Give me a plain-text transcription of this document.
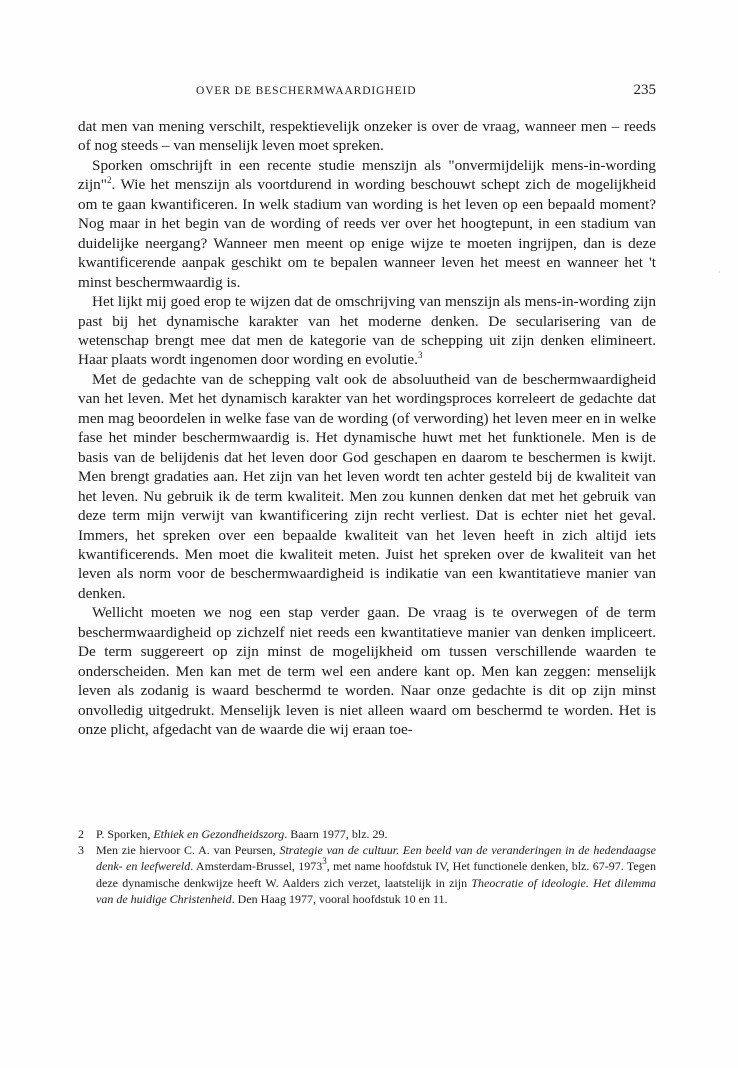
OVER DE BESCHERMWAARDIGHEID	235

dat men van mening verschilt, respektievelijk onzeker is over de vraag, wanneer men – reeds of nog steeds – van menselijk leven moet spreken.

Sporken omschrijft in een recente studie menszijn als "onvermijdelijk mens-in-wording zijn"$^2$. Wie het menszijn als voortdurend in wording beschouwt schept zich de mogelijkheid om te gaan kwantificeren. In welk stadium van wording is het leven op een bepaald moment? Nog maar in het begin van de wording of reeds ver over het hoogtepunt, in een stadium van duidelijke neergang? Wanneer men meent op enige wijze te moeten ingrijpen, dan is deze kwantificerende aanpak geschikt om te bepalen wanneer leven het meest en wanneer het 't minst beschermwaardig is.

Het lijkt mij goed erop te wijzen dat de omschrijving van menszijn als mens-in-wording zijn past bij het dynamische karakter van het moderne denken. De secularisering van de wetenschap brengt mee dat men de kategorie van de schepping uit zijn denken elimineert. Haar plaats wordt ingenomen door wording en evolutie.$^3$

Met de gedachte van de schepping valt ook de absoluutheid van de beschermwaardigheid van het leven. Met het dynamisch karakter van het wordingsproces korreleert de gedachte dat men mag beoordelen in welke fase van de wording (of verwording) het leven meer en in welke fase het minder beschermwaardig is. Het dynamische huwt met het funktionele. Men is de basis van de belijdenis dat het leven door God geschapen en daarom te beschermen is kwijt. Men brengt gradaties aan. Het zijn van het leven wordt ten achter gesteld bij de kwaliteit van het leven. Nu gebruik ik de term kwaliteit. Men zou kunnen denken dat met het gebruik van deze term mijn verwijt van kwantificering zijn recht verliest. Dat is echter niet het geval. Immers, het spreken over een bepaalde kwaliteit van het leven heeft in zich altijd iets kwantificerends. Men moet die kwaliteit meten. Juist het spreken over de kwaliteit van het leven als norm voor de beschermwaardigheid is indikatie van een kwantitatieve manier van denken.

Wellicht moeten we nog een stap verder gaan. De vraag is te overwegen of de term beschermwaardigheid op zichzelf niet reeds een kwantitatieve manier van denken impliceert. De term suggereert op zijn minst de mogelijkheid om tussen verschillende waarden te onderscheiden. Men kan met de term wel een andere kant op. Men kan zeggen: menselijk leven als zodanig is waard beschermd te worden. Naar onze gedachte is dit op zijn minst onvolledig uitgedrukt. Menselijk leven is niet alleen waard om beschermd te worden. Het is onze plicht, afgedacht van de waarde die wij eraan toe-

2	P. Sporken, Ethiek en Gezondheidszorg. Baarn 1977, blz. 29.

3	Men zie hiervoor C. A. van Peursen, Strategie van de cultuur. Een beeld van de veranderingen in de hedendaagse denk- en leefwereld. Amsterdam-Brussel, 1973$^3$, met name hoofdstuk IV, Het functionele denken, blz. 67-97. Tegen deze dynamische denkwijze heeft W. Aalders zich verzet, laatstelijk in zijn Theocratie of ideologie. Het dilemma van de huidige Christenheid. Den Haag 1977, vooral hoofdstuk 10 en 11.

·
